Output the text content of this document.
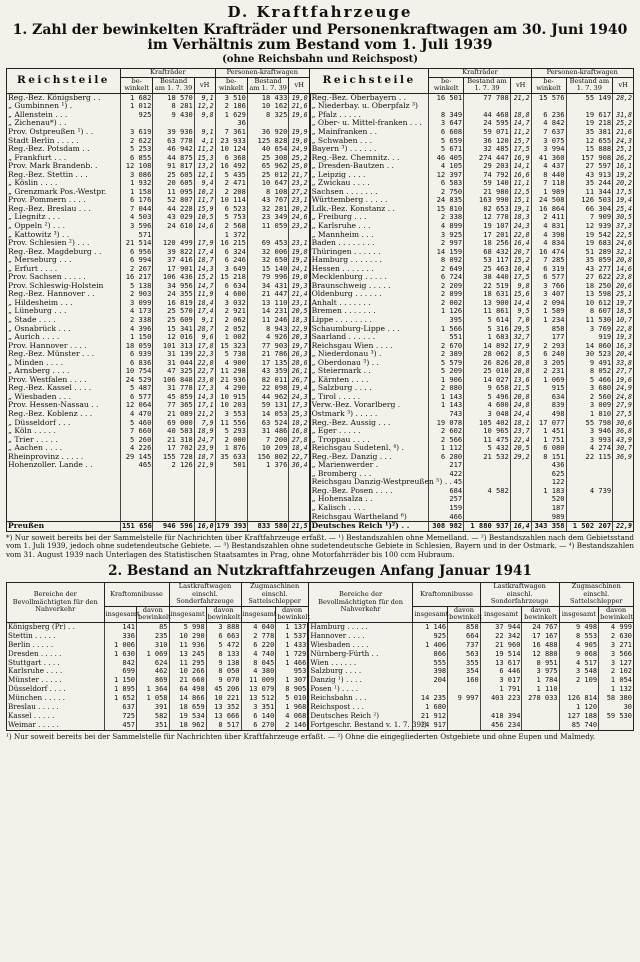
D. Kraftfahrzeuge
1. Zahl der bewinkelten Krafträder und Personenkraftwagen am 30. Juni 1940
im Verhältnis zum Bestand vom 1. Juli 1939
(ohne Reichsbahn und Reichspost)
Reichsteile	Krafträder			Personen-kraftwagen			Reichsteile	Krafträder			Personen-kraftwagen		
	be-winkelt	Bestand am 1. 7. 39	vH	be-winkelt	Bestand am 1. 7. 39	vH		be-winkelt	Bestand am 1. 7. 39	vH	be-winkelt	Bestand am 1. 7. 39	vH
Reg.-Bez. Königsberg . .	1 682	18 570	9,1	3 510	18 433	19,0	Reg.-Bez. Oberbayern . .	16 501	77 708	21,2	15 576	55 149	28,2
„ Gumbinnen ¹) .	1 012	8 281	12,2	2 186	10 162	21,6	„ Niederbay. u. Oberpfalz ³)						
„ Allenstein . . .	925	9 430	9,8	1 629	8 325	19,6	„ Pfalz . . . . .	8 349	44 468	18,8	6 236	19 617	31,8
„ Zichenau*) . .				36			„ Ober- u. Mittel-franken . . .	3 647	24 595	14,7	4 842	19 218	25,2
Prov. Ostpreußen ¹) . .	3 619	39 936	9,1	7 361	36 920	19,9	„ Mainfranken . .	6 608	59 071	11,2	7 637	35 381	21,6
Stadt Berlin . . . . .	2 622	63 778	4,1	23 933	125 828	19,0	„ Schwaben . . .	5 659	36 120	15,7	3 075	12 655	24,3
Reg.-Bez. Potsdam . .	5 253	46 942	11,2	10 124	40 654	24,9	Bayern ³) . . . . . .	5 671	32 485	17,5	3 994	15 888	25,1
„ Frankfurt . . .	6 855	44 875	15,3	6 368	25 308	25,2	Reg.-Bez. Chemnitz. . .	46 405	274 447	16,9	41 360	157 908	26,2
Prov. Mark Brandenb. .	12 108	91 817	13,2	16 492	65 962	25,0	„ Dresden-Bautzen . .	4 105	29 203	14,1	4 437	27 597	16,1
Reg.-Bez. Stettin . . .	3 086	25 605	12,1	5 435	25 012	21,7	„ Leipzig . . . .	12 397	74 792	16,6	8 440	43 913	19,2
„ Köslin . . . .	1 932	20 605	9,4	2 471	10 647	23,2	„ Zwickau . . . .	6 583	59 140	11,1	7 118	35 244	20,2
„ Grenzmark Pos.-Westpr.	1 158	11 095	10,2	2 208	8 108	27,2	Sachsen . . . . . . .	2 750	21 980	12,5	1 989	11 344	17,5
Prov. Pommern . . . .	6 176	52 807	11,7	10 114	43 767	23,1	Württemberg . . . . .	24 835	163 990	15,1	24 508	126 503	19,4
Reg.-Bez. Breslau . . .	7 044	44 228	15,9	6 523	32 281	20,2	Ldk.-Bez. Konstanz . .	15 810	82 653	19,1	16 864	66 304	25,4
„ Liegnitz . . .	4 503	43 029	10,5	5 753	23 349	24,6	„ Freiburg . . .	2 338	12 778	18,3	2 411	7 909	30,5
„ Oppeln ²) . . .	3 596	24 610	14,6	2 568	11 059	23,2	„ Karlsruhe . . .	4 899	19 107	24,3	4 831	12 939	37,3
„ Kattowitz ³) . .	571			1 372			„ Mannheim . . .	3 925	17 201	22,8	4 398	19 542	22,5
Prov. Schlesien ²) . . .	21 514	120 499	17,9	16 215	69 453	23,1	Baden . . . . . . . .	2 997	18 256	16,4	4 834	19 683	24,6
Reg.-Bez. Magdeburg . .	6 956	39 822	17,4	6 324	32 006	19,8	Thüringen . . . . . .	14 159	68 432	20,7	16 474	51 289	32,1
„ Merseburg . . .	6 994	37 416	18,7	6 246	32 650	19,2	Hamburg . . . . . . .	8 092	53 117	15,2	7 285	35 059	20,8
„ Erfurt . . . .	2 267	17 901	14,3	3 649	15 140	24,1	Hessen . . . . . . .	2 649	25 463	10,4	6 319	43 277	14,6
Prov. Sachsen . . . . .	16 217	106 436	15,2	15 218	79 996	19,0	Mecklenburg . . . . .	6 724	38 440	17,5	6 577	27 622	23,8
Prov. Schleswig-Holstein	5 138	34 956	14,7	6 634	34 431	19,3	Braunschweig . . . . .	2 209	22 519	9,8	3 766	18 250	20,6
Reg.-Bez. Hannover . .	2 903	24 355	11,9	4 600	21 447	21,4	Oldenburg . . . . . .	2 899	18 631	15,6	3 407	13 598	25,1
„ Hildesheim . . .	3 099	16 819	18,4	3 032	13 110	23,1	Anhalt . . . . . . .	2 002	13 900	14,4	2 094	10 612	19,7
„ Lüneburg . . .	4 173	25 570	17,4	2 921	14 231	20,5	Bremen . . . . . . .	1 126	11 861	9,5	1 589	8 607	18,5
„ Stade . . . .	2 338	25 609	9,1	2 062	11 246	18,3	Lippe . . . . . . . .	395	5 614	7,0	1 234	11 530	10,7
„ Osnabrück . . .	4 396	15 341	28,7	2 052	8 943	22,9	Schaumburg-Lippe . . .	1 566	5 316	29,5	858	3 769	22,8
„ Aurich . . . .	1 150	12 016	9,6	1 002	4 926	20,3	Saarland . . . . . .	551	1 683	32,7	177	919	19,3
Prov. Hannover . . . .	18 059	101 313	17,8	15 323	77 903	19,7	Reichsgau Wien . . . .	2 670	14 892	17,9	2 293	14 060	16,3
Reg.-Bez. Münster . . .	6 939	31 139	22,3	5 738	21 786	26,3	„ Niederdonau ³) .	2 389	28 062	8,5	6 240	30 523	20,4
„ Minden . . . .	6 836	31 044	22,0	4 900	17 135	28,6	„ Oberdonau ³) . .	5 579	26 826	20,8	3 205	9 491	33,8
„ Arnsberg . . . .	10 754	47 325	22,7	11 298	43 359	26,1	„ Steiermark . .	5 209	25 010	20,8	2 231	8 052	27,7
Prov. Westfalen . . . .	24 529	106 848	23,0	21 936	82 011	26,7	„ Kärnten . . . .	1 906	14 027	13,6	1 069	5 466	19,6
Reg.-Bez. Kassel . . . .	5 487	31 778	17,3	4 290	22 098	19,4	„ Salzburg . . . .	2 080	9 658	21,5	915	3 680	24,9
„ Wiesbaden . . .	6 577	45 859	14,3	10 915	44 962	24,3	„ Tirol . . . . .	1 143	5 496	20,8	634	2 560	24,8
Prov. Hessen-Nassau . .	12 064	77 365	17,1	10 203	59 131	17,3	Verw.-Bez. Vorarlberg .	1 143	4 600	24,8	839	3 009	27,9
Reg.-Bez. Koblenz . . .	4 470	21 089	21,2	3 553	14 053	25,3	Ostmark ³) . . . . .	743	3 048	24,4	498	1 810	27,5
„ Düsseldorf . . .	5 460	69 000	7,9	11 556	63 524	18,2	Reg.-Bez. Aussig . . .	19 078	105 402	18,1	17 077	55 798	30,6
„ Köln . . . . .	7 660	40 583	18,9	5 293	31 486	16,8	„ Eger . . . . .	2 602	10 965	23,7	1 451	3 946	36,8
„ Trier . . . . .	5 260	21 318	24,7	2 000	7 200	27,8	„ Troppau . . . .	2 566	11 475	22,4	1 751	3 993	43,9
„ Aachen . . . .	4 226	17 702	23,9	1 876	10 209	18,4	Reichsgau Sudetenl. ⁴) .	1 112	5 432	20,5	6 080	4 274	30,7
Rheinprovinz . . . . .	29 145	155 728	18,7	35 633	156 802	22,7	Reg.-Bez. Danzig . . .	6 280	21 532	29,2	8 151	22 115	36,9
Hohenzoller. Lande . .	465	2 126	21,9	501	1 376	36,4	„ Marienwerder .	217			436		
							„ Bromberg . . .	422			625		
							Reichsgau Danzig-Westpreußen ⁵) . .	45			122		
							Reg.-Bez. Posen . . . .	684	4 582		1 183	4 739	
							„ Hohensalza . .	257			520		
							„ Kalisch . . . .	159			187		
							Reichsgau Wartheland ⁶)	466			989		
Preußen	151 656	946 596	16,0	179 393	833 580	21,5	Deutsches Reich ¹)²) . .	308 982	1 880 937	16,4	343 358	1 502 207	22,9
*) Nur soweit bereits bei der Sammelstelle für Nachrichten über Kraftfahrzeuge erfaßt. — ¹) Bestandszahlen ohne Memelland. — ²) Bestandszahlen nach dem Gebietsstand vom 1. Juli 1939, jedoch ohne sudetendeutsche Gebiete. — ³) Bestandszahlen ohne sudetendeutsche Gebiete in Schlesien, Bayern und in der Ostmark. — ⁴) Bestandszahlen vom 31. August 1939 nach Unterlagen des Statistischen Staatsamtes in Prag, ohne Motorfahrräder bis 100 ccm Hubraum.
2. Bestand an Nutzkraftfahrzeugen Anfang Januar 1941
Bereiche der Bevollmächtigten für den Nahverkehr	Kraftomnibusse		Lastkraftwagen einschl. Sonderfahrzeuge		Zugmaschinen einschl. Sattelschlepper		Bereiche der Bevollmächtigten für den Nahverkehr	Kraftomnibusse		Lastkraftwagen einschl. Sonderfahrzeuge		Zugmaschinen einschl. Sattelschlepper	
	insgesamt	davon bewinkelt	insgesamt	davon bewinkelt	insgesamt	davon bewinkelt		insgesamt	davon bewinkelt	insgesamt	davon bewinkelt	insgesamt	davon bewinkelt
Königsberg (Pr) . .	141	85	5 998	3 888	4 040	1 137	Hamburg . . . . .	1 146	858	37 944	24 767	9 498	4 999
Stettin . . . . .	336	235	10 290	6 663	2 778	1 537	Hannover . . . .	925	664	22 342	17 167	8 553	2 630
Berlin . . . . .	1 006	310	11 936	5 472	6 220	1 433	Wiesbaden . . . .	1 406	737	21 960	16 488	4 905	3 271
Dresden . . . . .	1 630	1 069	13 245	8 133	4 740	1 729	Nürnberg-Fürth . .	866	563	19 514	12 880	9 068	3 566
Stuttgart . . . .	842	624	11 295	9 138	8 045	1 466	Wien . . . . . .	555	355	13 617	8 951	4 517	3 127
Karlsruhe . . . .	699	462	10 266	8 050	4 380	953	Salzburg . . . .	398	354	6 446	3 975	3 548	2 102
Münster . . . . .	1 150	869	21 660	9 070	11 009	1 307	Danzig ¹) . . . .	204	160	3 017	1 784	2 109	1 054
Düsseldorf . . . .	1 895	1 364	64 498	45 206	13 079	8 905	Posen ¹) . . . .			1 791	1 110		1 132
München . . . . .	1 652	1 058	14 866	10 221	13 512	5 010	Reichsbahn . . .	14 235	9 997	403 223	278 033	126 814	58 380
Breslau . . . . .	637	391	18 659	13 352	3 351	1 968	Reichspost . . .	1 680				1 120	30
Kassel . . . . .	725	582	19 534	13 666	6 140	4 068	Deutsches Reich ²)	21 912		418 394		127 188	59 530
Weimar . . . . .	457	351	18 962	8 517	6 270	2 146	Fortgeschr. Bestand v. 1. 7. 39²)	24 917		456 234		85 740	
¹) Nur soweit bereits bei der Sammelstelle für Nachrichten über Kraftfahrzeuge erfaßt. — ²) Ohne die eingegliederten Ostgebiete und ohne Eupen und Malmedy.
